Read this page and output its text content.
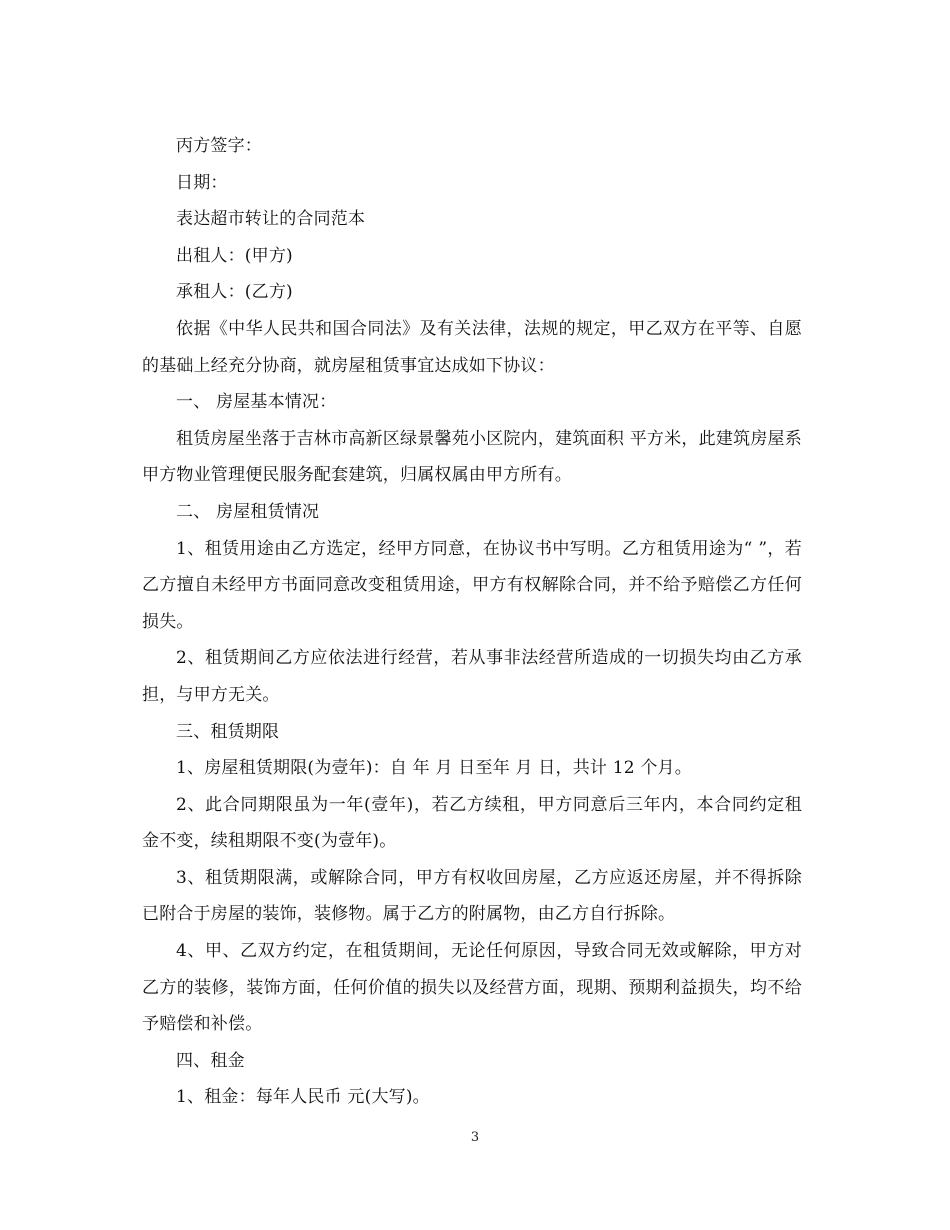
丙方签字：

日期：

表达超市转让的合同范本

出租人：(甲方)

承租人：(乙方)

依据《中华人民共和国合同法》及有关法律，法规的规定，甲乙双方在平等、自愿的基础上经充分协商，就房屋租赁事宜达成如下协议：

一、 房屋基本情况：

租赁房屋坐落于吉林市高新区绿景馨苑小区院内，建筑面积 平方米，此建筑房屋系甲方物业管理便民服务配套建筑，归属权属由甲方所有。

二、 房屋租赁情况

1、租赁用途由乙方选定，经甲方同意，在协议书中写明。乙方租赁用途为“ ”，若乙方擅自未经甲方书面同意改变租赁用途，甲方有权解除合同，并不给予赔偿乙方任何损失。

2、租赁期间乙方应依法进行经营，若从事非法经营所造成的一切损失均由乙方承担，与甲方无关。

三、租赁期限

1、房屋租赁期限(为壹年)：自 年 月 日至年 月 日，共计 12 个月。

2、此合同期限虽为一年(壹年)，若乙方续租，甲方同意后三年内，本合同约定租金不变，续租期限不变(为壹年)。

3、租赁期限满，或解除合同，甲方有权收回房屋，乙方应返还房屋，并不得拆除已附合于房屋的装饰，装修物。属于乙方的附属物，由乙方自行拆除。

4、甲、乙双方约定，在租赁期间，无论任何原因，导致合同无效或解除，甲方对乙方的装修，装饰方面，任何价值的损失以及经营方面，现期、预期利益损失，均不给予赔偿和补偿。

四、租金

1、租金：每年人民币 元(大写)。

3
